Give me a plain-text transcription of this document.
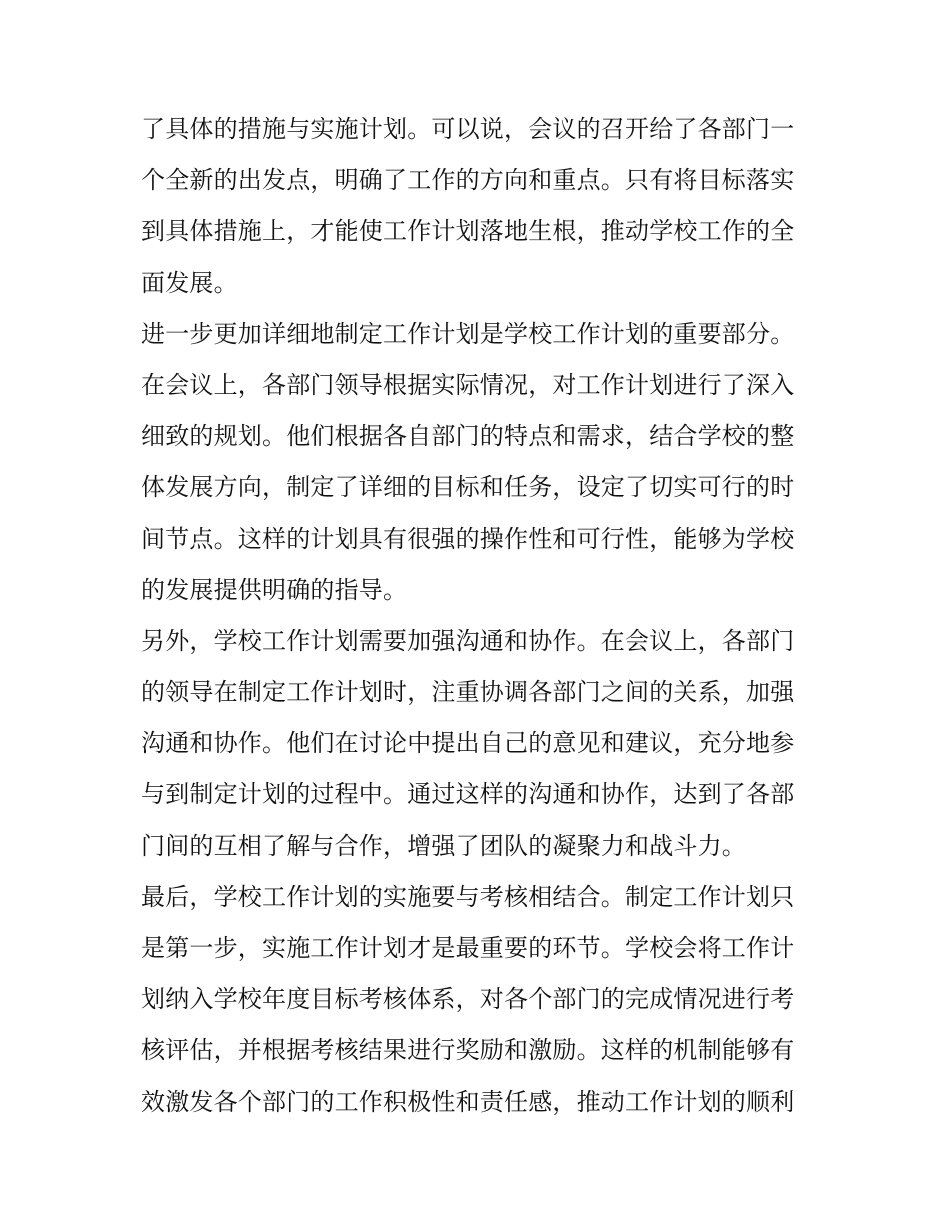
了具体的措施与实施计划。可以说，会议的召开给了各部门一
个全新的出发点，明确了工作的方向和重点。只有将目标落实
到具体措施上，才能使工作计划落地生根，推动学校工作的全
面发展。
进一步更加详细地制定工作计划是学校工作计划的重要部分。
在会议上，各部门领导根据实际情况，对工作计划进行了深入
细致的规划。他们根据各自部门的特点和需求，结合学校的整
体发展方向，制定了详细的目标和任务，设定了切实可行的时
间节点。这样的计划具有很强的操作性和可行性，能够为学校
的发展提供明确的指导。
另外，学校工作计划需要加强沟通和协作。在会议上，各部门
的领导在制定工作计划时，注重协调各部门之间的关系，加强
沟通和协作。他们在讨论中提出自己的意见和建议，充分地参
与到制定计划的过程中。通过这样的沟通和协作，达到了各部
门间的互相了解与合作，增强了团队的凝聚力和战斗力。
最后，学校工作计划的实施要与考核相结合。制定工作计划只
是第一步，实施工作计划才是最重要的环节。学校会将工作计
划纳入学校年度目标考核体系，对各个部门的完成情况进行考
核评估，并根据考核结果进行奖励和激励。这样的机制能够有
效激发各个部门的工作积极性和责任感，推动工作计划的顺利
